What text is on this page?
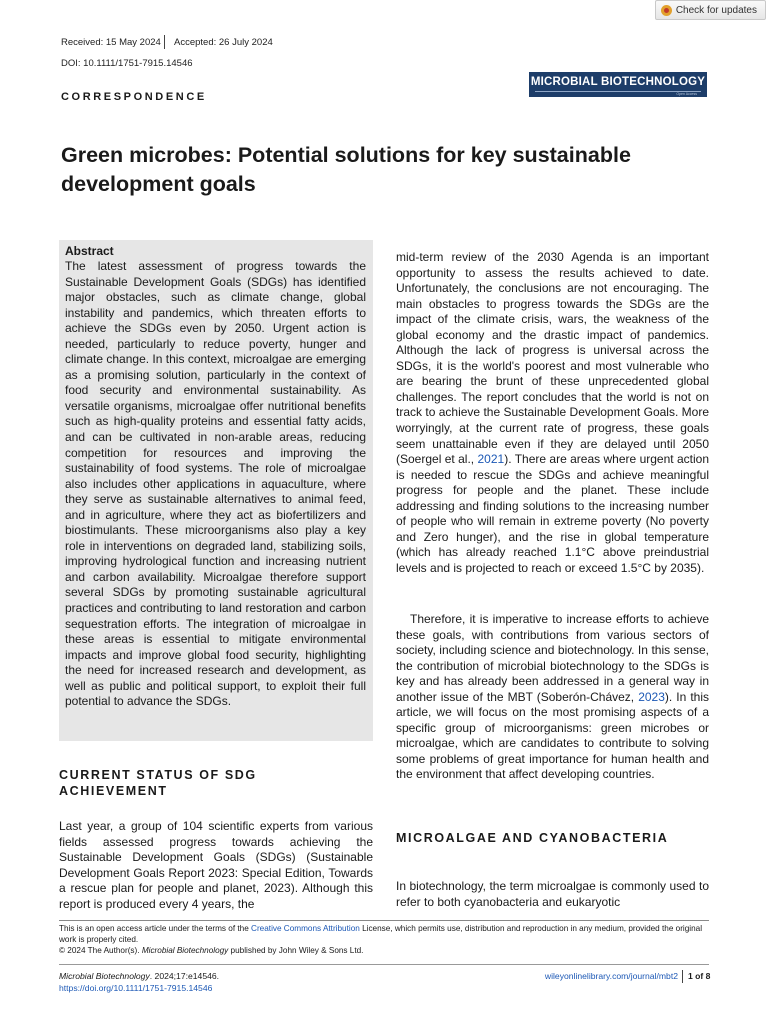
Check for updates
Received: 15 May 2024 Accepted: 26 July 2024
DOI: 10.1111/1751-7915.14546
CORRESPONDENCE
MICROBIAL BIOTECHNOLOGY
Open Access
Green microbes: Potential solutions for key sustainable development goals
Abstract
The latest assessment of progress towards the Sustainable Development Goals (SDGs) has identified major obstacles, such as climate change, global instability and pandemics, which threaten efforts to achieve the SDGs even by 2050. Urgent action is needed, particularly to reduce poverty, hunger and climate change. In this context, microalgae are emerging as a promising solution, particularly in the context of food security and environmental sustainability. As versatile organisms, microalgae offer nutritional benefits such as high-quality proteins and essential fatty acids, and can be cultivated in non-arable areas, reducing competition for resources and improving the sustainability of food systems. The role of microalgae also includes other applications in aquaculture, where they serve as sustainable alternatives to animal feed, and in agriculture, where they act as biofertilizers and biostimulants. These microorganisms also play a key role in interventions on degraded land, stabilizing soils, improving hydrological function and increasing nutrient and carbon availability. Microalgae therefore support several SDGs by promoting sustainable agricultural practices and contributing to land restoration and carbon sequestration efforts. The integration of microalgae in these areas is essential to mitigate environmental impacts and improve global food security, highlighting the need for increased research and development, as well as public and political support, to exploit their full potential to advance the SDGs.
CURRENT STATUS OF SDG ACHIEVEMENT
Last year, a group of 104 scientific experts from various fields assessed progress towards achieving the Sustainable Development Goals (SDGs) (Sustainable Development Goals Report 2023: Special Edition, Towards a rescue plan for people and planet, 2023). Although this report is produced every 4 years, the
mid-term review of the 2030 Agenda is an important opportunity to assess the results achieved to date. Unfortunately, the conclusions are not encouraging. The main obstacles to progress towards the SDGs are the impact of the climate crisis, wars, the weakness of the global economy and the drastic impact of pandemics. Although the lack of progress is universal across the SDGs, it is the world's poorest and most vulnerable who are bearing the brunt of these unprecedented global challenges. The report concludes that the world is not on track to achieve the Sustainable Development Goals. More worryingly, at the current rate of progress, these goals seem unattainable even if they are delayed until 2050 (Soergel et al., 2021). There are areas where urgent action is needed to rescue the SDGs and achieve meaningful progress for people and the planet. These include addressing and finding solutions to the increasing number of people who will remain in extreme poverty (No poverty and Zero hunger), and the rise in global temperature (which has already reached 1.1°C above preindustrial levels and is projected to reach or exceed 1.5°C by 2035).
Therefore, it is imperative to increase efforts to achieve these goals, with contributions from various sectors of society, including science and biotechnology. In this sense, the contribution of microbial biotechnology to the SDGs is key and has already been addressed in a general way in another issue of the MBT (Soberón-Chávez, 2023). In this article, we will focus on the most promising aspects of a specific group of microorganisms: green microbes or microalgae, which are candidates to contribute to solving some problems of great importance for human health and the environment that affect developing countries.
MICROALGAE AND CYANOBACTERIA
In biotechnology, the term microalgae is commonly used to refer to both cyanobacteria and eukaryotic
This is an open access article under the terms of the Creative Commons Attribution License, which permits use, distribution and reproduction in any medium, provided the original work is properly cited.
© 2024 The Author(s). Microbial Biotechnology published by John Wiley & Sons Ltd.
Microbial Biotechnology. 2024;17:e14546.
https://doi.org/10.1111/1751-7915.14546
wileyonlinelibrary.com/journal/mbt2 1 of 8
